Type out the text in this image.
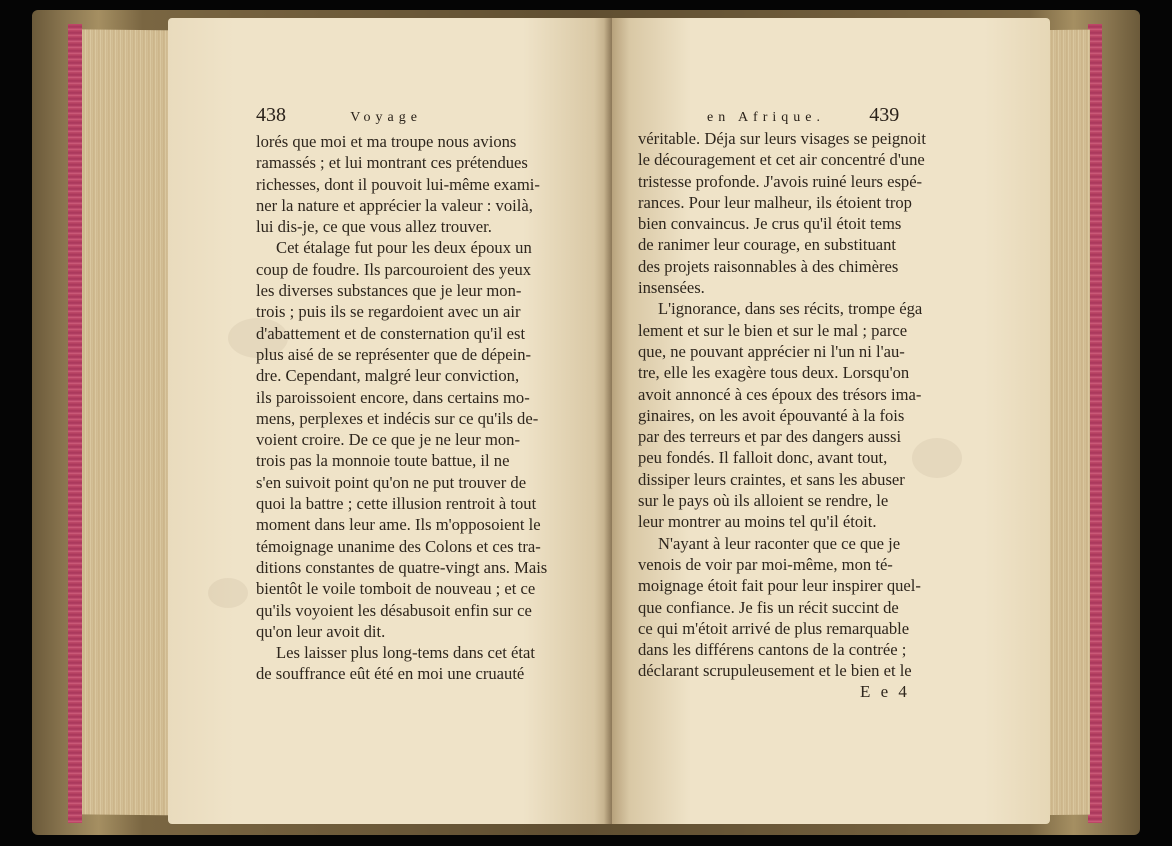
438	Voyage
lorés que moi et ma troupe nous avions
ramassés ; et lui montrant ces prétendues
richesses, dont il pouvoit lui-même exami-
ner la nature et apprécier la valeur : voilà,
lui dis-je, ce que vous allez trouver.
Cet étalage fut pour les deux époux un
coup de foudre. Ils parcouroient des yeux
les diverses substances que je leur mon-
trois ; puis ils se regardoient avec un air
d'abattement et de consternation qu'il est
plus aisé de se représenter que de dépein-
dre. Cependant, malgré leur conviction,
ils paroissoient encore, dans certains mo-
mens, perplexes et indécis sur ce qu'ils de-
voient croire. De ce que je ne leur mon-
trois pas la monnoie toute battue, il ne
s'en suivoit point qu'on ne put trouver de
quoi la battre ; cette illusion rentroit à tout
moment dans leur ame. Ils m'opposoient le
témoignage unanime des Colons et ces tra-
ditions constantes de quatre-vingt ans. Mais
bientôt le voile tomboit de nouveau ; et ce
qu'ils voyoient les désabusoit enfin sur ce
qu'on leur avoit dit.
Les laisser plus long-tems dans cet état
de souffrance eût été en moi une cruauté
en Afrique. 439
véritable. Déja sur leurs visages se peignoit
le découragement et cet air concentré d'une
tristesse profonde. J'avois ruiné leurs espé-
rances. Pour leur malheur, ils étoient trop
bien convaincus. Je crus qu'il étoit tems
de ranimer leur courage, en substituant
des projets raisonnables à des chimères
insensées.
L'ignorance, dans ses récits, trompe éga
lement et sur le bien et sur le mal ; parce
que, ne pouvant apprécier ni l'un ni l'au-
tre, elle les exagère tous deux. Lorsqu'on
avoit annoncé à ces époux des trésors ima-
ginaires, on les avoit épouvanté à la fois
par des terreurs et par des dangers aussi
peu fondés. Il falloit donc, avant tout,
dissiper leurs craintes, et sans les abuser
sur le pays où ils alloient se rendre, le
leur montrer au moins tel qu'il étoit.
N'ayant à leur raconter que ce que je
venois de voir par moi-même, mon té-
moignage étoit fait pour leur inspirer quel-
que confiance. Je fis un récit succint de
ce qui m'étoit arrivé de plus remarquable
dans les différens cantons de la contrée ;
déclarant scrupuleusement et le bien et le
E e 4
